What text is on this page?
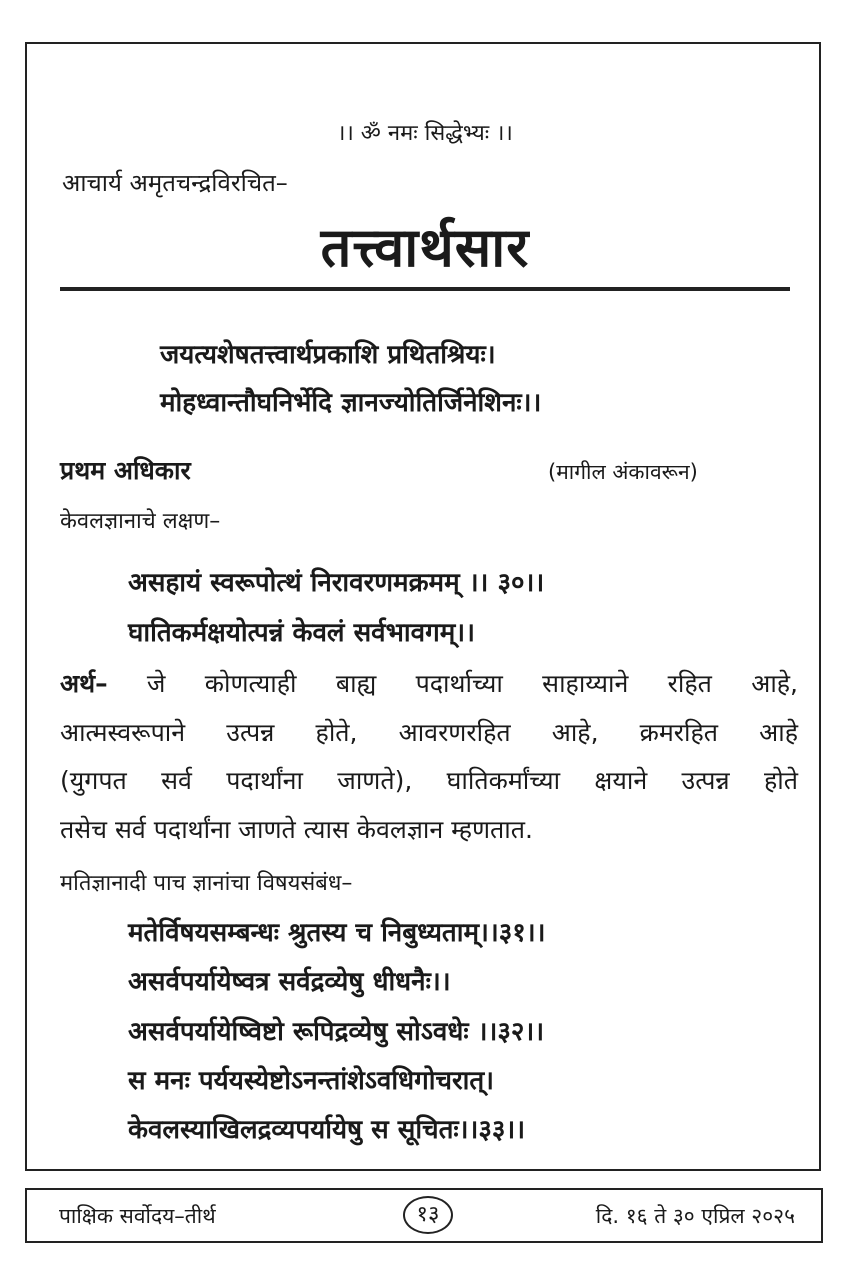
।। ॐ नमः सिद्धेभ्यः ।।
आचार्य अमृतचन्द्रविरचित–
तत्त्वार्थसार
जयत्यशेषतत्त्वार्थप्रकाशि प्रथितश्रियः।
मोहध्वान्तौघनिर्भेदि ज्ञानज्योतिर्जिनेशिनः।।
प्रथम अधिकार	(मागील अंकावरून)
केवलज्ञानाचे लक्षण–
असहायं स्वरूपोत्थं निरावरणमक्रमम् ।। ३०।।
घातिकर्मक्षयोत्पन्नं केवलं सर्वभावगम्।।
अर्थ– जे कोणत्याही बाह्य पदार्थाच्या साहाय्याने रहित आहे,
आत्मस्वरूपाने उत्पन्न होते, आवरणरहित आहे, क्रमरहित आहे
(युगपत सर्व पदार्थांना जाणते), घातिकर्मांच्या क्षयाने उत्पन्न होते
तसेच सर्व पदार्थांना जाणते त्यास केवलज्ञान म्हणतात.
मतिज्ञानादी पाच ज्ञानांचा विषयसंबंध–
मतेर्विषयसम्बन्धः श्रुतस्य च निबुध्यताम्।।३१।।
असर्वपर्यायेष्वत्र सर्वद्रव्येषु धीधनैः।।
असर्वपर्यायेष्विष्टो रूपिद्रव्येषु सोऽवधेः ।।३२।।
स मनः पर्ययस्येष्टोऽनन्तांशेऽवधिगोचरात्।
केवलस्याखिलद्रव्यपर्यायेषु स सूचितः।।३३।।
पाक्षिक सर्वोदय–तीर्थ	१३	दि. १६ ते ३० एप्रिल २०२५
